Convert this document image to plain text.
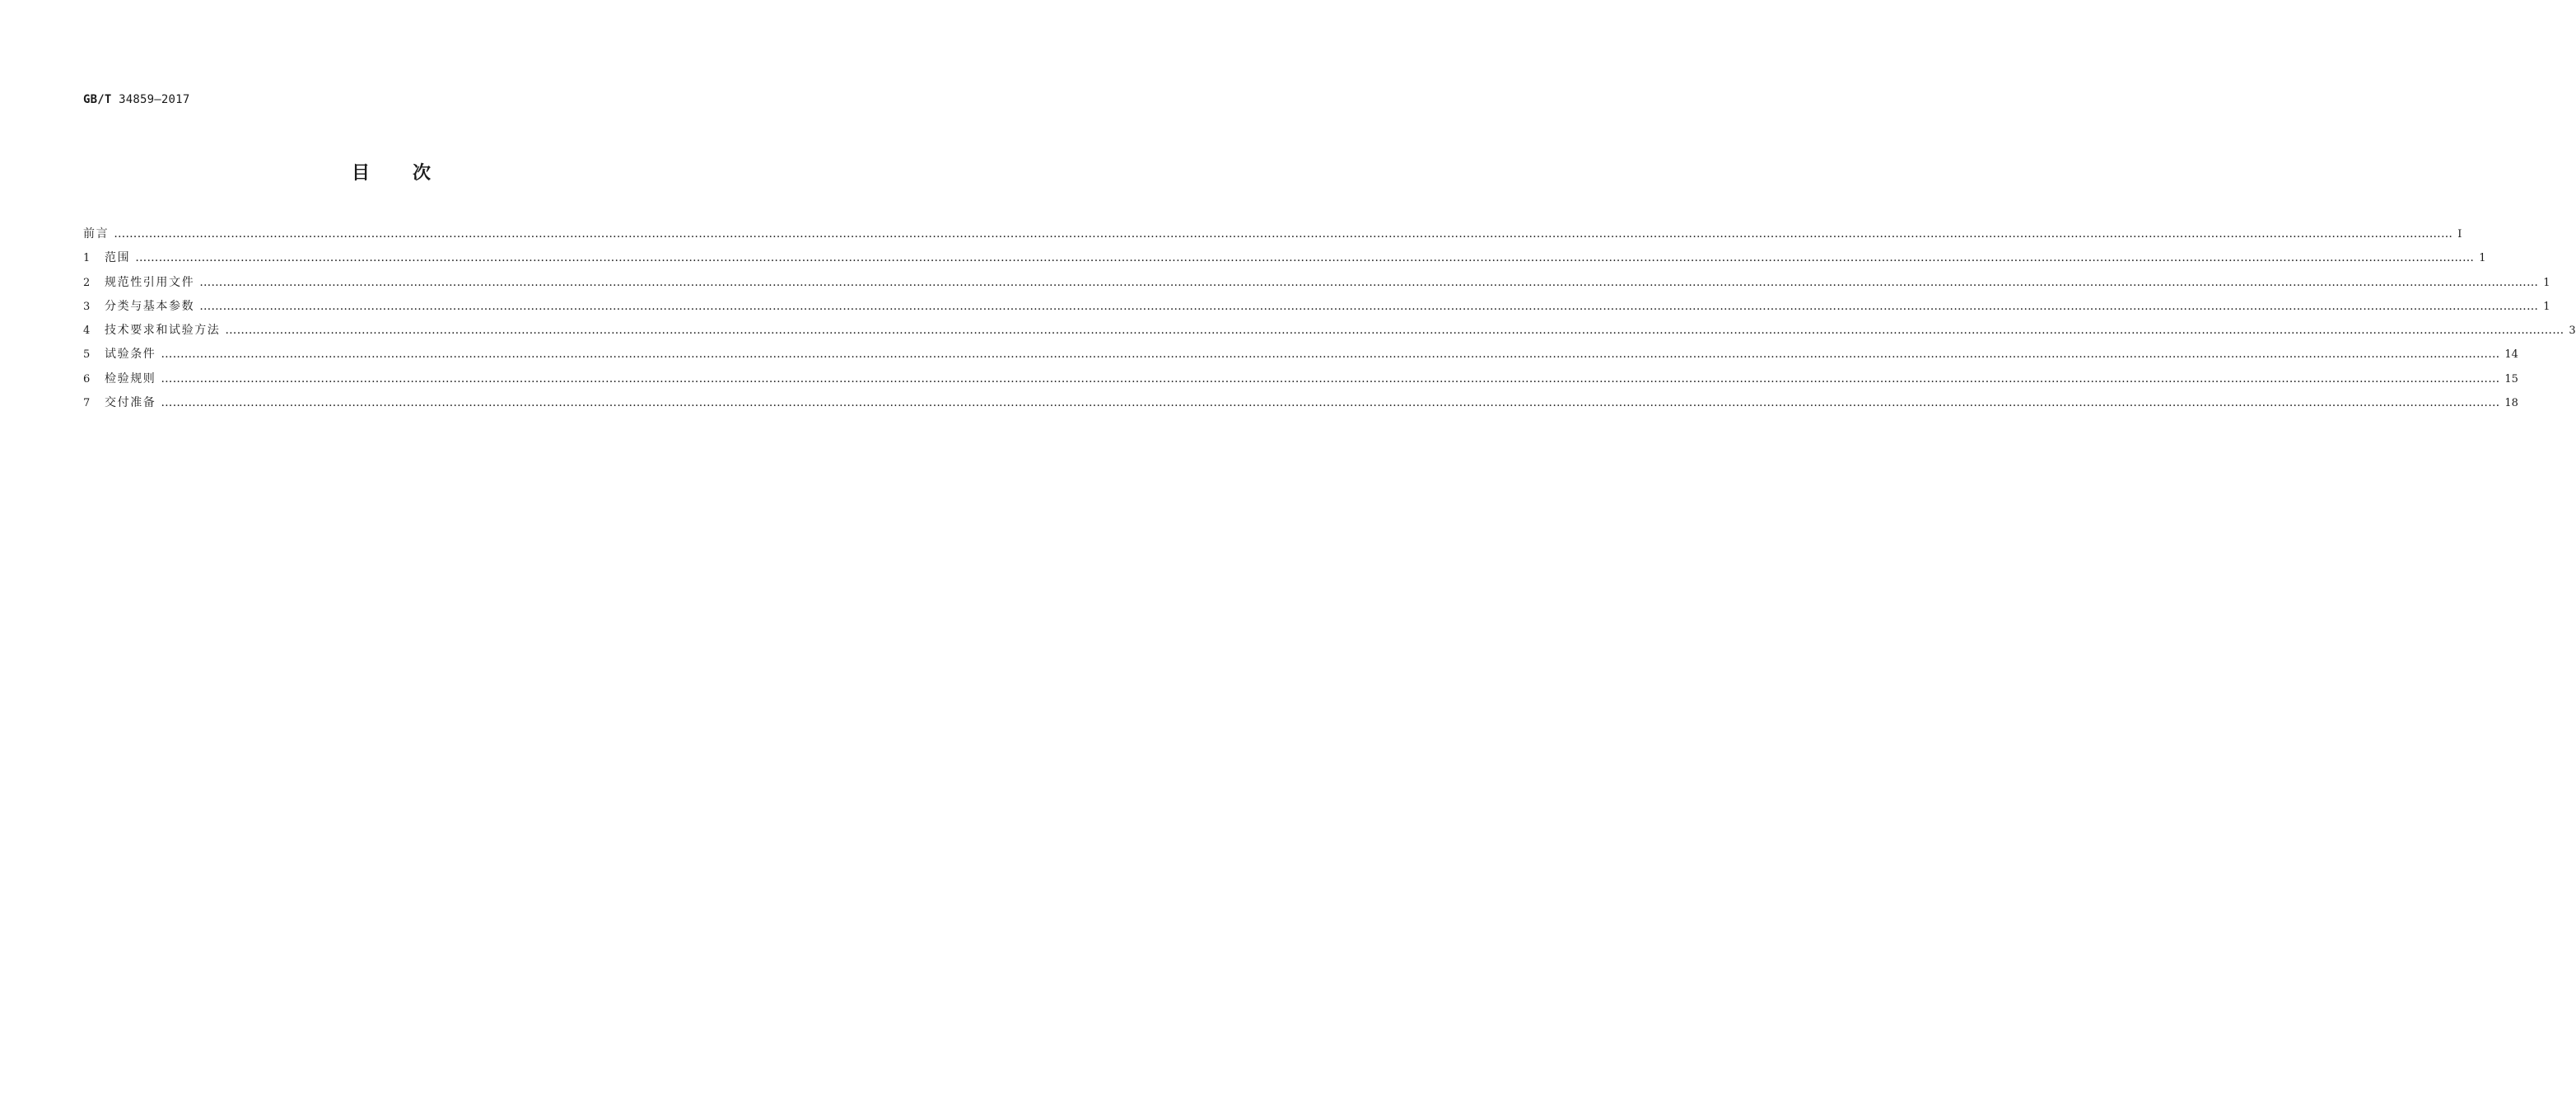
GB/T 34859—2017
目 次
前言 …………………………………………………………………………………………………………………………………………………………………………………………………………………………………………………………………………………………………………………………………………………………………………………………………………………………………………………………………………………………………………………………………………………… Ⅰ
1	范围 …………………………………………………………………………………………………………………………………………………………………………………………………………………………………………………………………………………………………………………………………………………………………………………………………………………………………………………………………………………………………………………………………………………… 1
2	规范性引用文件 …………………………………………………………………………………………………………………………………………………………………………………………………………………………………………………………………………………………………………………………………………………………………………………………………………………………………………………………………………………………………………………………………………………… 1
3	分类与基本参数 …………………………………………………………………………………………………………………………………………………………………………………………………………………………………………………………………………………………………………………………………………………………………………………………………………………………………………………………………………………………………………………………………………………… 1
4	技术要求和试验方法 …………………………………………………………………………………………………………………………………………………………………………………………………………………………………………………………………………………………………………………………………………………………………………………………………………………………………………………………………………………………………………………………………………………… 3
5	试验条件 …………………………………………………………………………………………………………………………………………………………………………………………………………………………………………………………………………………………………………………………………………………………………………………………………………………………………………………………………………………………………………………………………………………… 14
6	检验规则 …………………………………………………………………………………………………………………………………………………………………………………………………………………………………………………………………………………………………………………………………………………………………………………………………………………………………………………………………………………………………………………………………………………… 15
7	交付准备 …………………………………………………………………………………………………………………………………………………………………………………………………………………………………………………………………………………………………………………………………………………………………………………………………………………………………………………………………………………………………………………………………………………… 18
